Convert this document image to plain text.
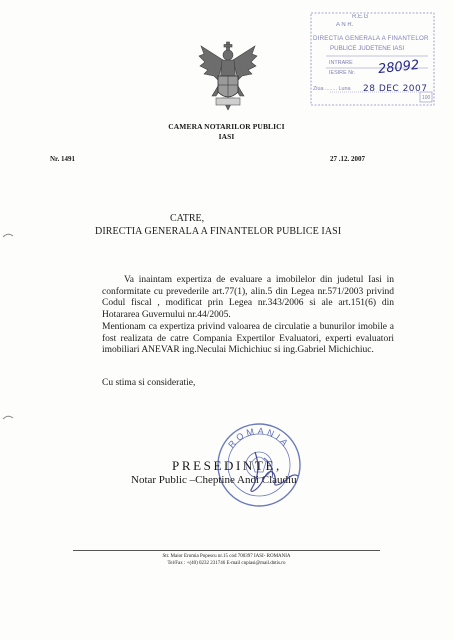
CAMERA NOTARILOR PUBLICI
IASI
Nr. 1491	27 .12. 2007
R.E.G
A N R.
DIRECTIA GENERALA A FINANTELOR
PUBLICE JUDETENE IASI
INTRARE
IESIRE Nr.
Ziua ........ Luna
100
28092
28 DEC 2007
CATRE,
DIRECTIA GENERALA A FINANTELOR PUBLICE IASI
Va inaintam expertiza de evaluare a imobilelor din judetul Iasi in conformitate cu prevederile art.77(1), alin.5 din Legea nr.571/2003 privind Codul fiscal , modificat prin Legea nr.343/2006 si ale art.151(6) din Hotararea Guvernului nr.44/2005.
Mentionam ca expertiza privind valoarea de circulatie a bunurilor imobile a fost realizata de catre Compania Expertilor Evaluatori, experti evaluatori imobiliari ANEVAR ing.Neculai Michichiuc si ing.Gabriel Michichiuc.
Cu stima si consideratie,
ROMANIA
PRESEDINTE,
Notar Public –Cheptine Andi Claudiu
Str. Maior Eromia Popescu nr.15 cod 700397 IASI- ROMANIA
Tel/Fax : +(40) 0232 231746 E-mail cnpiasi@mail.dntis.ro
